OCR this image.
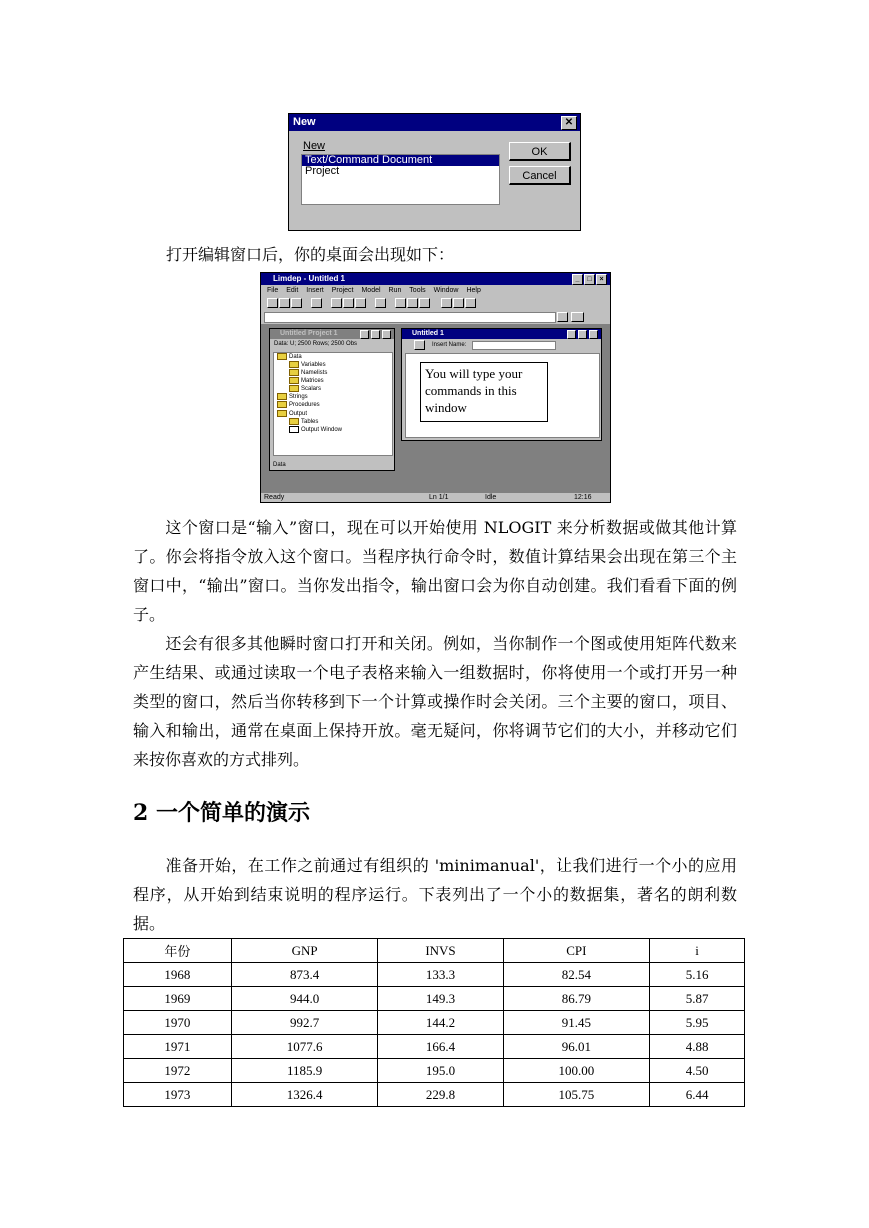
New	✕
New
Text/Command Document
Project
OK
Cancel
打开编辑窗口后，你的桌面会出现如下：
Limdep - Untitled 1	_	□	×
File Edit Insert Project Model Run Tools Window Help
Untitled Project 1
Data: U; 2500 Rows; 2500 Obs
Data
Variables
Namelists
Matrices
Scalars
Strings
Procedures
Output
Tables
Output Window
Data
Untitled 1
Insert Name:
You will type your commands in this window
Ready	Ln 1/1	Idle	12:16
这个窗口是“输入”窗口，现在可以开始使用 NLOGIT 来分析数据或做其他计算了。你会将指令放入这个窗口。当程序执行命令时，数值计算结果会出现在第三个主窗口中，“输出”窗口。当你发出指令，输出窗口会为你自动创建。我们看看下面的例子。
还会有很多其他瞬时窗口打开和关闭。例如，当你制作一个图或使用矩阵代数来产生结果、或通过读取一个电子表格来输入一组数据时，你将使用一个或打开另一种类型的窗口，然后当你转移到下一个计算或操作时会关闭。三个主要的窗口，项目、输入和输出，通常在桌面上保持开放。毫无疑问，你将调节它们的大小，并移动它们来按你喜欢的方式排列。
2 一个简单的演示
准备开始，在工作之前通过有组织的 'minimanual'，让我们进行一个小的应用程序，从开始到结束说明的程序运行。下表列出了一个小的数据集，著名的朗利数据。
年份	GNP	INVS	CPI	i
1968	873.4	133.3	82.54	5.16
1969	944.0	149.3	86.79	5.87
1970	992.7	144.2	91.45	5.95
1971	1077.6	166.4	96.01	4.88
1972	1185.9	195.0	100.00	4.50
1973	1326.4	229.8	105.75	6.44
